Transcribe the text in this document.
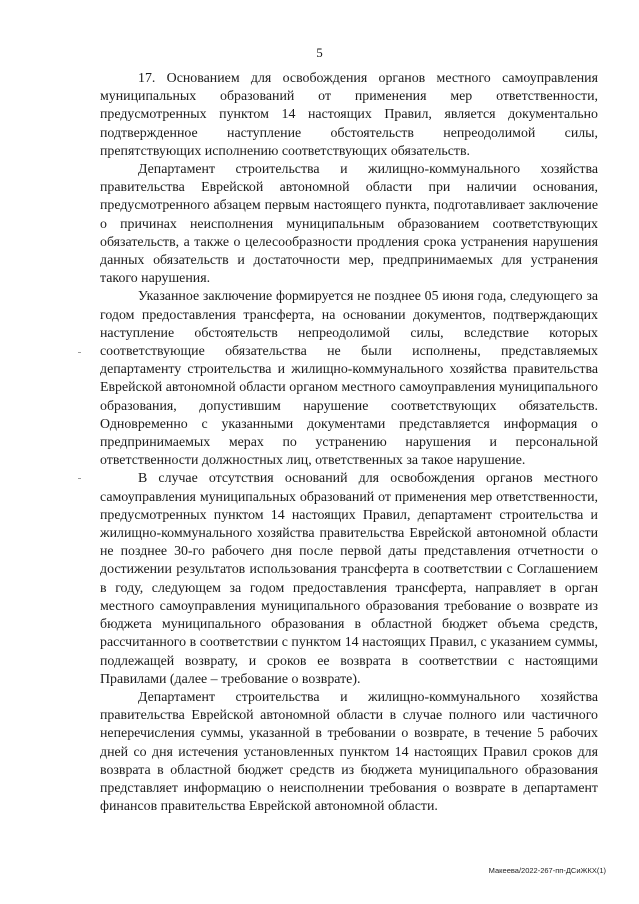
5

17. Основанием для освобождения органов местного самоуправления муниципальных образований от применения мер ответственности, предусмотренных пунктом 14 настоящих Правил, является документально подтвержденное наступление обстоятельств непреодолимой силы, препятствующих исполнению соответствующих обязательств.

Департамент строительства и жилищно-коммунального хозяйства правительства Еврейской автономной области при наличии основания, предусмотренного абзацем первым настоящего пункта, подготавливает заключение о причинах неисполнения муниципальным образованием соответствующих обязательств, а также о целесообразности продления срока устранения нарушения данных обязательств и достаточности мер, предпринимаемых для устранения такого нарушения.

Указанное заключение формируется не позднее 05 июня года, следующего за годом предоставления трансферта, на основании документов, подтверждающих наступление обстоятельств непреодолимой силы, вследствие которых соответствующие обязательства не были исполнены, представляемых департаменту строительства и жилищно-коммунального хозяйства правительства Еврейской автономной области органом местного самоуправления муниципального образования, допустившим нарушение соответствующих обязательств. Одновременно с указанными документами представляется информация о предпринимаемых мерах по устранению нарушения и персональной ответственности должностных лиц, ответственных за такое нарушение.

В случае отсутствия оснований для освобождения органов местного самоуправления муниципальных образований от применения мер ответственности, предусмотренных пунктом 14 настоящих Правил, департамент строительства и жилищно-коммунального хозяйства правительства Еврейской автономной области не позднее 30-го рабочего дня после первой даты представления отчетности о достижении результатов использования трансферта в соответствии с Соглашением в году, следующем за годом предоставления трансферта, направляет в орган местного самоуправления муниципального образования требование о возврате из бюджета муниципального образования в областной бюджет объема средств, рассчитанного в соответствии с пунктом 14 настоящих Правил, с указанием суммы, подлежащей возврату, и сроков ее возврата в соответствии с настоящими Правилами (далее – требование о возврате).

Департамент строительства и жилищно-коммунального хозяйства правительства Еврейской автономной области в случае полного или частичного неперечисления суммы, указанной в требовании о возврате, в течение 5 рабочих дней со дня истечения установленных пунктом 14 настоящих Правил сроков для возврата в областной бюджет средств из бюджета муниципального образования представляет информацию о неисполнении требования о возврате в департамент финансов правительства Еврейской автономной области.

Макеева/2022-267-пп-ДСиЖКХ(1)
